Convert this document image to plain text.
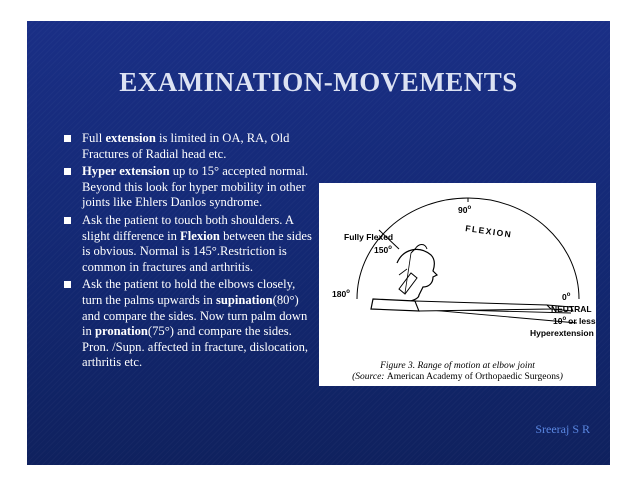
EXAMINATION-MOVEMENTS
Full extension is limited in OA, RA, Old Fractures of Radial head etc.
Hyper extension up to 15° accepted normal. Beyond this look for hyper mobility in other joints like Ehlers Danlos syndrome.
Ask the patient to touch both shoulders. A slight difference in Flexion between the sides is obvious. Normal is 145°.Restriction is common in fractures and arthritis.
Ask the patient to hold the elbows closely, turn the palms upwards in supination(80°) and compare the sides. Now turn palm down in pronation(75°) and compare the sides. Pron. /Supn. affected in fracture, dislocation, arthritis etc.
90$^o$
FLEXION
Fully Flexed
150$^o$
180$^o$	0$^o$
NEUTRAL
10$^o$ or less
Hyperextension
Figure 3. Range of motion at elbow joint
(Source: American Academy of Orthopaedic Surgeons)
Sreeraj S R
